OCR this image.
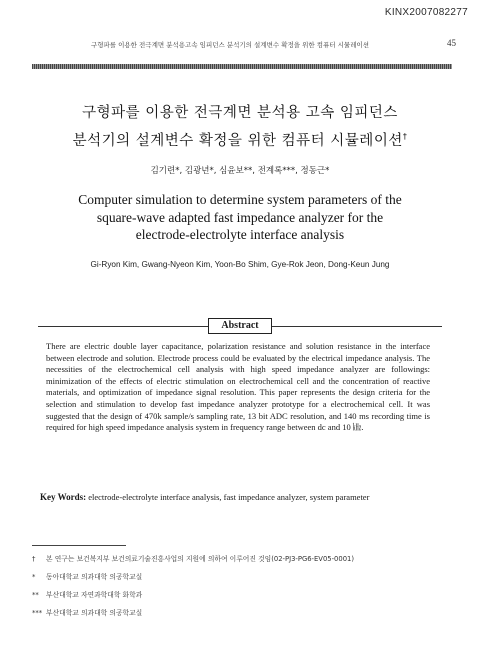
KINX2007082277
구형파를 이용한 전극계면 분석용고속 임피던스 분석기의 설계변수 확정을 위한 컴퓨터 시뮬레이션	45
구형파를 이용한 전극계면 분석용 고속 임피던스
분석기의 설계변수 확정을 위한 컴퓨터 시뮬레이션†
김기련*, 김광년*, 심윤보**, 전계록***, 정동근*
Computer simulation to determine system parameters of the
square-wave adapted fast impedance analyzer for the
electrode-electrolyte interface analysis
Gi-Ryon Kim, Gwang-Nyeon Kim, Yoon-Bo Shim, Gye-Rok Jeon, Dong-Keun Jung
Abstract
There are electric double layer capacitance, polarization resistance and solution resistance in the interface between electrode and solution. Electrode process could be evaluated by the electrical impedance analysis. The necessities of the electrochemical cell analysis with high speed impedance analyzer are followings: minimization of the effects of electric stimulation on electrochemical cell and the concentration of reactive materials, and optimization of impedance signal resolution. This paper represents the design criteria for the selection and stimulation to develop fast impedance analyzer prototype for a electrochemical cell. It was suggested that the design of 470k sample/s sampling rate, 13 bit ADC resolution, and 140 ms recording time is required for high speed impedance analysis system in frequency range between dc and 10 ㎑.
Key Words: electrode-electrolyte interface analysis, fast impedance analyzer, system parameter
† 본 연구는 보건복지부 보건의료기술진흥사업의 지원에 의하여 이루어진 것임(02-PJ3-PG6-EV05-0001)
* 동아대학교 의과대학 의공학교실
** 부산대학교 자연과학대학 화학과
*** 부산대학교 의과대학 의공학교실
